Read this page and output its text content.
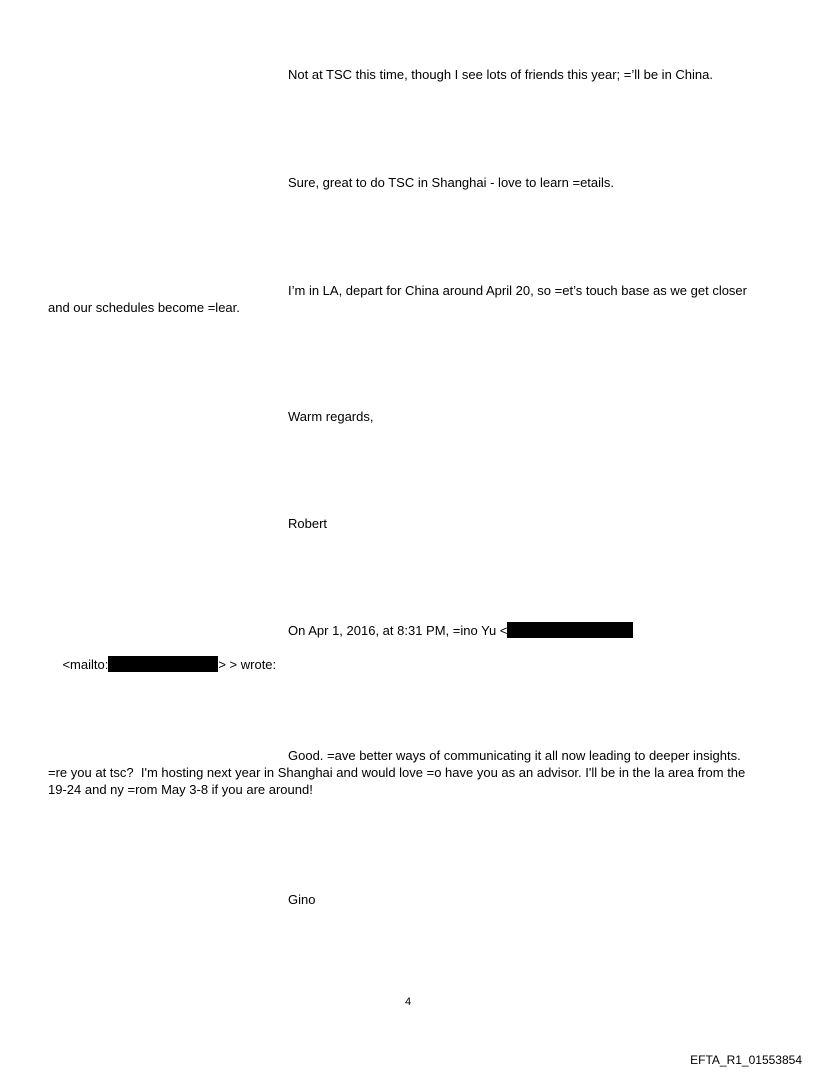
Not at TSC this time, though I see lots of friends this year; =’ll be in China.

Sure, great to do TSC in Shanghai - love to learn =etails.

I’m in LA, depart for China around April 20, so =et’s touch base as we get closer

and our schedules become =lear.

Warm regards,

Robert

On Apr 1, 2016, at 8:31 PM, =ino Yu <

<mailto:	> > wrote:

Good. =ave better ways of communicating it all now leading to deeper insights.

=re you at tsc?  I'm hosting next year in Shanghai and would love =o have you as an advisor. I'll be in the la area from the

19-24 and ny =rom May 3-8 if you are around!

Gino

4
EFTA_R1_01553854
